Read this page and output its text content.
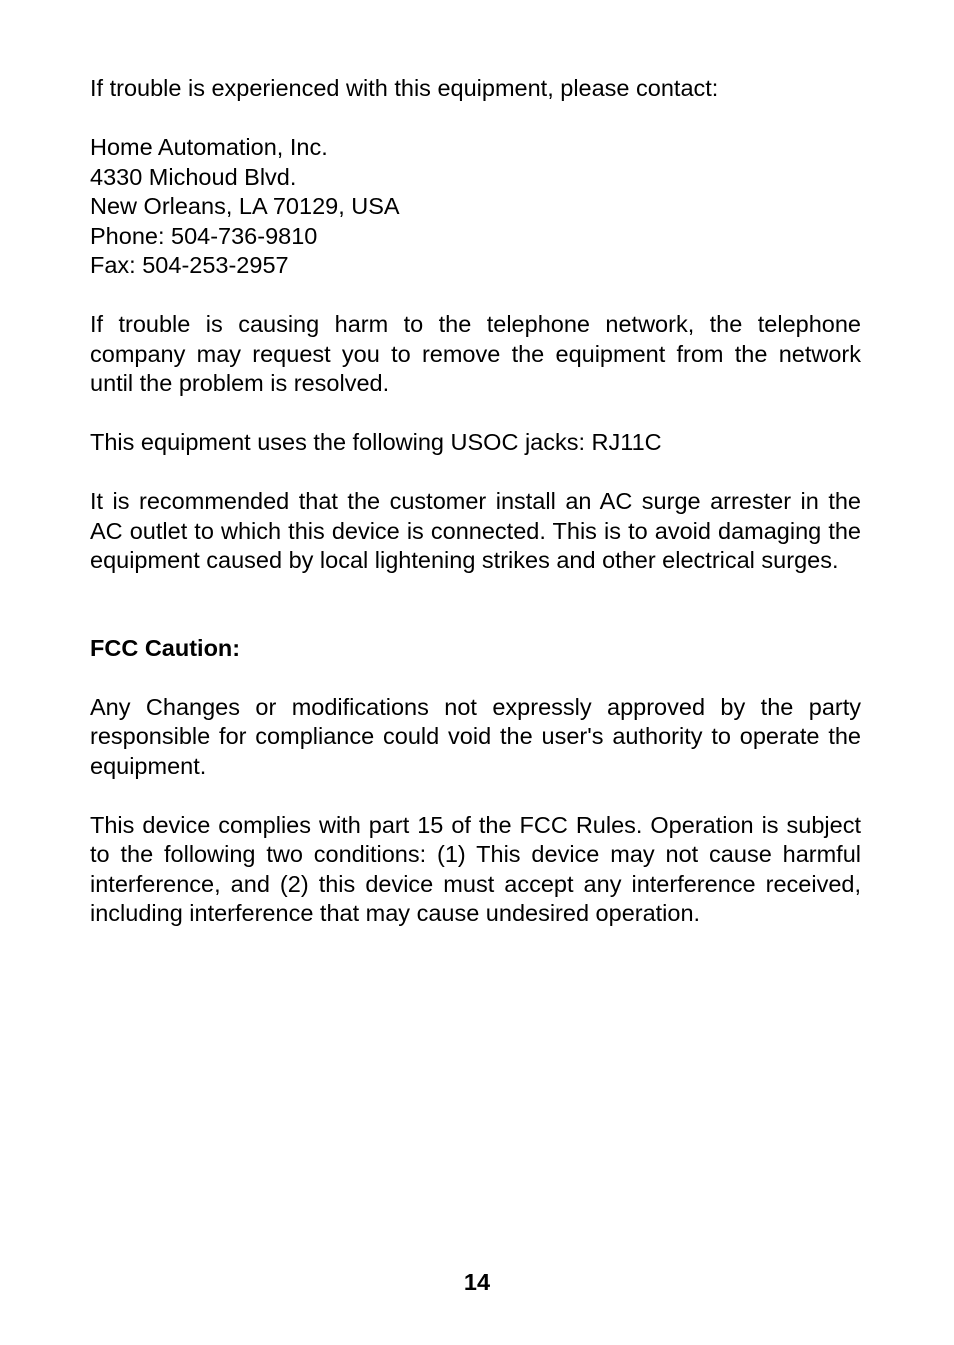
If trouble is experienced with this equipment, please contact:

Home Automation, Inc.
4330 Michoud Blvd.
New Orleans, LA 70129, USA
Phone: 504-736-9810
Fax: 504-253-2957

If trouble is causing harm to the telephone network, the telephone company may request you to remove the equipment from the network until the problem is resolved.

This equipment uses the following USOC jacks: RJ11C

It is recommended that the customer install an AC surge arrester in the AC outlet to which this device is connected. This is to avoid damaging the equipment caused by local lightening strikes and other electrical surges.

FCC Caution:

Any Changes or modifications not expressly approved by the party responsible for compliance could void the user's authority to operate the equipment.

This device complies with part 15 of the FCC Rules. Operation is subject to the following two conditions: (1) This device may not cause harmful interference, and (2) this device must accept any interference received, including interference that may cause undesired operation.

14
